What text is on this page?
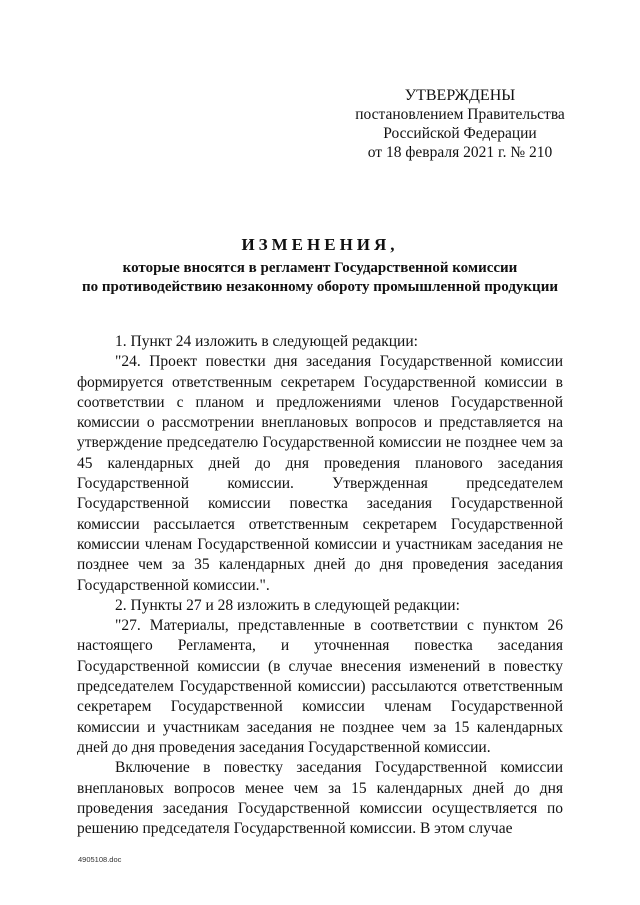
УТВЕРЖДЕНЫ
постановлением Правительства
Российской Федерации
от 18 февраля 2021 г. № 210
ИЗМЕНЕНИЯ,
которые вносятся в регламент Государственной комиссии
по противодействию незаконному обороту промышленной продукции

1. Пункт 24 изложить в следующей редакции:

"24. Проект повестки дня заседания Государственной комиссии формируется ответственным секретарем Государственной комиссии в соответствии с планом и предложениями членов Государственной комиссии о рассмотрении внеплановых вопросов и представляется на утверждение председателю Государственной комиссии не позднее чем за 45 календарных дней до дня проведения планового заседания Государственной комиссии. Утвержденная председателем Государственной комиссии повестка заседания Государственной комиссии рассылается ответственным секретарем Государственной комиссии членам Государственной комиссии и участникам заседания не позднее чем за 35 календарных дней до дня проведения заседания Государственной комиссии.".

2. Пункты 27 и 28 изложить в следующей редакции:

"27. Материалы, представленные в соответствии с пунктом 26 настоящего Регламента, и уточненная повестка заседания Государственной комиссии (в случае внесения изменений в повестку председателем Государственной комиссии) рассылаются ответственным секретарем Государственной комиссии членам Государственной комиссии и участникам заседания не позднее чем за 15 календарных дней до дня проведения заседания Государственной комиссии.

Включение в повестку заседания Государственной комиссии внеплановых вопросов менее чем за 15 календарных дней до дня проведения заседания Государственной комиссии осуществляется по решению председателя Государственной комиссии. В этом случае

4905108.doc
